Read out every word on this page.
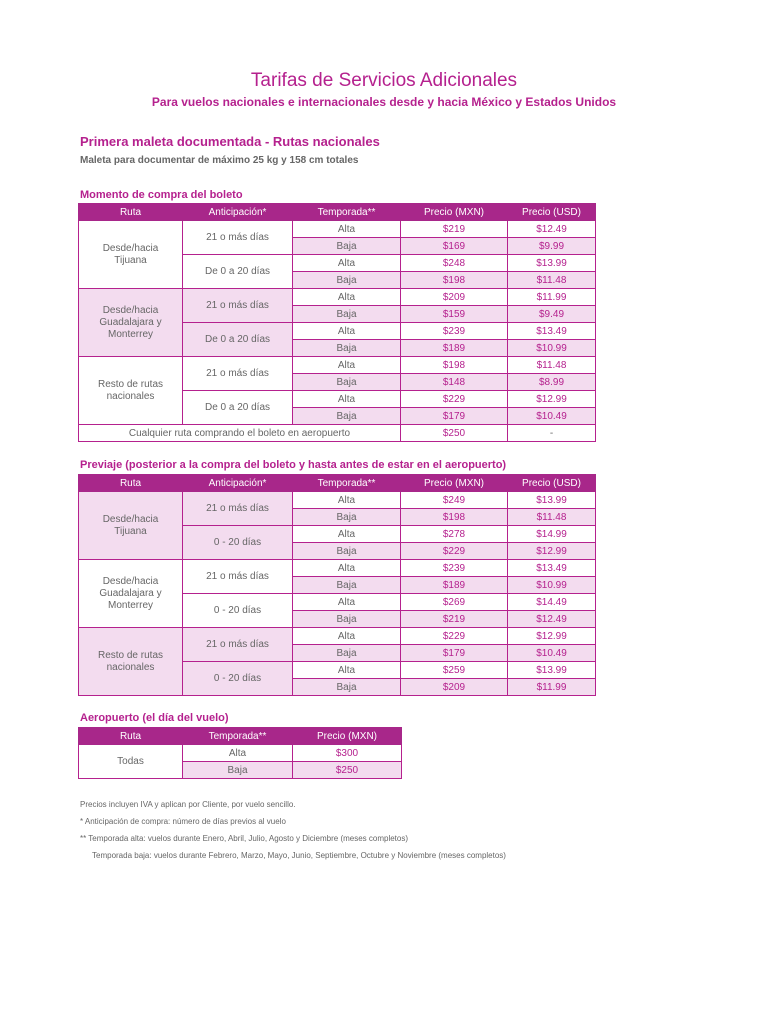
Tarifas de Servicios Adicionales
Para vuelos nacionales e internacionales desde y hacia México y Estados Unidos
Primera maleta documentada - Rutas nacionales
Maleta para documentar de máximo 25 kg y 158 cm totales
Momento de compra del boleto
Ruta	Anticipación*	Temporada**	Precio (MXN)	Precio (USD)
Desde/hacia Tijuana	21 o más días	Alta	$219	$12.49
		Baja	$169	$9.99
	De 0 a 20 días	Alta	$248	$13.99
		Baja	$198	$11.48
Desde/hacia Guadalajara y Monterrey	21 o más días	Alta	$209	$11.99
		Baja	$159	$9.49
	De 0 a 20 días	Alta	$239	$13.49
		Baja	$189	$10.99
Resto de rutas nacionales	21 o más días	Alta	$198	$11.48
		Baja	$148	$8.99
	De 0 a 20 días	Alta	$229	$12.99
		Baja	$179	$10.49
Cualquier ruta comprando el boleto en aeropuerto			$250	-
Previaje (posterior a la compra del boleto y hasta antes de estar en el aeropuerto)
Ruta	Anticipación*	Temporada**	Precio (MXN)	Precio (USD)
Desde/hacia Tijuana	21 o más días	Alta	$249	$13.99
		Baja	$198	$11.48
	0 - 20 días	Alta	$278	$14.99
		Baja	$229	$12.99
Desde/hacia Guadalajara y Monterrey	21 o más días	Alta	$239	$13.49
		Baja	$189	$10.99
	0 - 20 días	Alta	$269	$14.49
		Baja	$219	$12.49
Resto de rutas nacionales	21 o más días	Alta	$229	$12.99
		Baja	$179	$10.49
	0 - 20 días	Alta	$259	$13.99
		Baja	$209	$11.99
Aeropuerto (el día del vuelo)
Ruta	Temporada**	Precio (MXN)
Todas	Alta	$300
	Baja	$250
Precios incluyen IVA y aplican por Cliente, por vuelo sencillo.
* Anticipación de compra: número de días previos al vuelo
** Temporada alta: vuelos durante Enero, Abril, Julio, Agosto y Diciembre (meses completos)
Temporada baja: vuelos durante Febrero, Marzo, Mayo, Junio, Septiembre, Octubre y Noviembre (meses completos)
